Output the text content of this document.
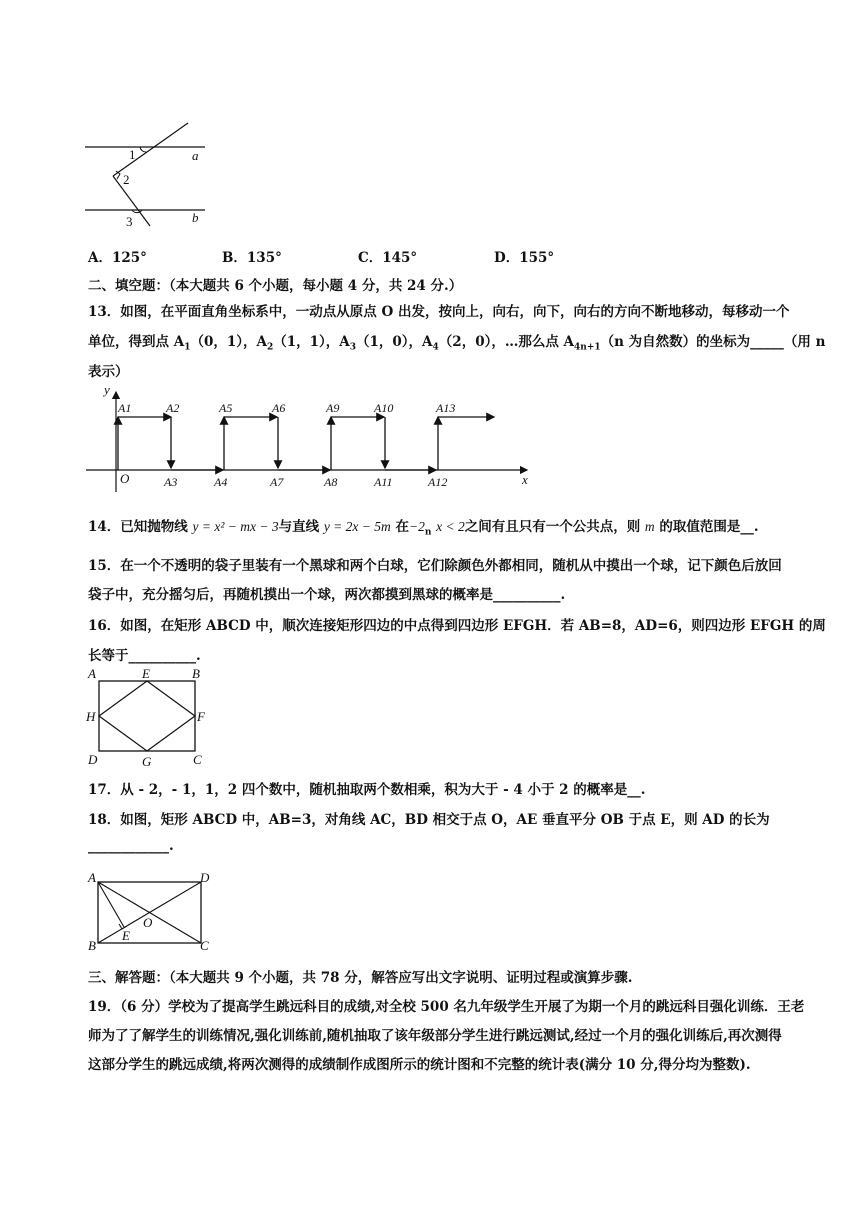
1
2
3
a
b
A．125°	B．135°	C．145°	D．155°
二、填空题：（本大题共 6 个小题，每小题 4 分，共 24 分.）
13．如图，在平面直角坐标系中，一动点从原点 O 出发，按向上，向右，向下，向右的方向不断地移动，每移动一个
单位，得到点 $A_1(0$，1），$A_2(1$，1），$A_3(1$，0），$A_4(2$，0），…那么点 $A_{4n+1}(n$ 为自然数）的坐标为_____（用 n
表示）
y
x
O
A1	A2	A5	A6	A9	A10	A13
A3	A4	A7	A8	A11	A12
14．已知抛物线 y = x² − mx − 3与直线 y = 2x − 5m 在$-2_n$ x < 2之间有且只有一个公共点，则 m 的取值范围是__.
15．在一个不透明的袋子里装有一个黑球和两个白球，它们除颜色外都相同，随机从中摸出一个球，记下颜色后放回
袋子中，充分摇匀后，再随机摸出一个球，两次都摸到黑球的概率是__________.
16．如图，在矩形 ABCD 中，顺次连接矩形四边的中点得到四边形 EFGH．若 AB=8，AD=6，则四边形 EFGH 的周
长等于__________.
A	B
C
D
E
F
G
H
17．从 - 2，- 1，1，2 四个数中，随机抽取两个数相乘，积为大于 - 4 小于 2 的概率是__.
18．如图，矩形 ABCD 中，AB=3，对角线 AC，BD 相交于点 O，AE 垂直平分 OB 于点 E，则 AD 的长为
____________.
A	D
B	C
E
O
三、解答题：（本大题共 9 个小题，共 78 分，解答应写出文字说明、证明过程或演算步骤.
19．（6 分）学校为了提高学生跳远科目的成绩,对全校 500 名九年级学生开展了为期一个月的跳远科目强化训练．王老
师为了了解学生的训练情况,强化训练前,随机抽取了该年级部分学生进行跳远测试,经过一个月的强化训练后,再次测得
这部分学生的跳远成绩,将两次测得的成绩制作成图所示的统计图和不完整的统计表(满分 10 分,得分均为整数).
